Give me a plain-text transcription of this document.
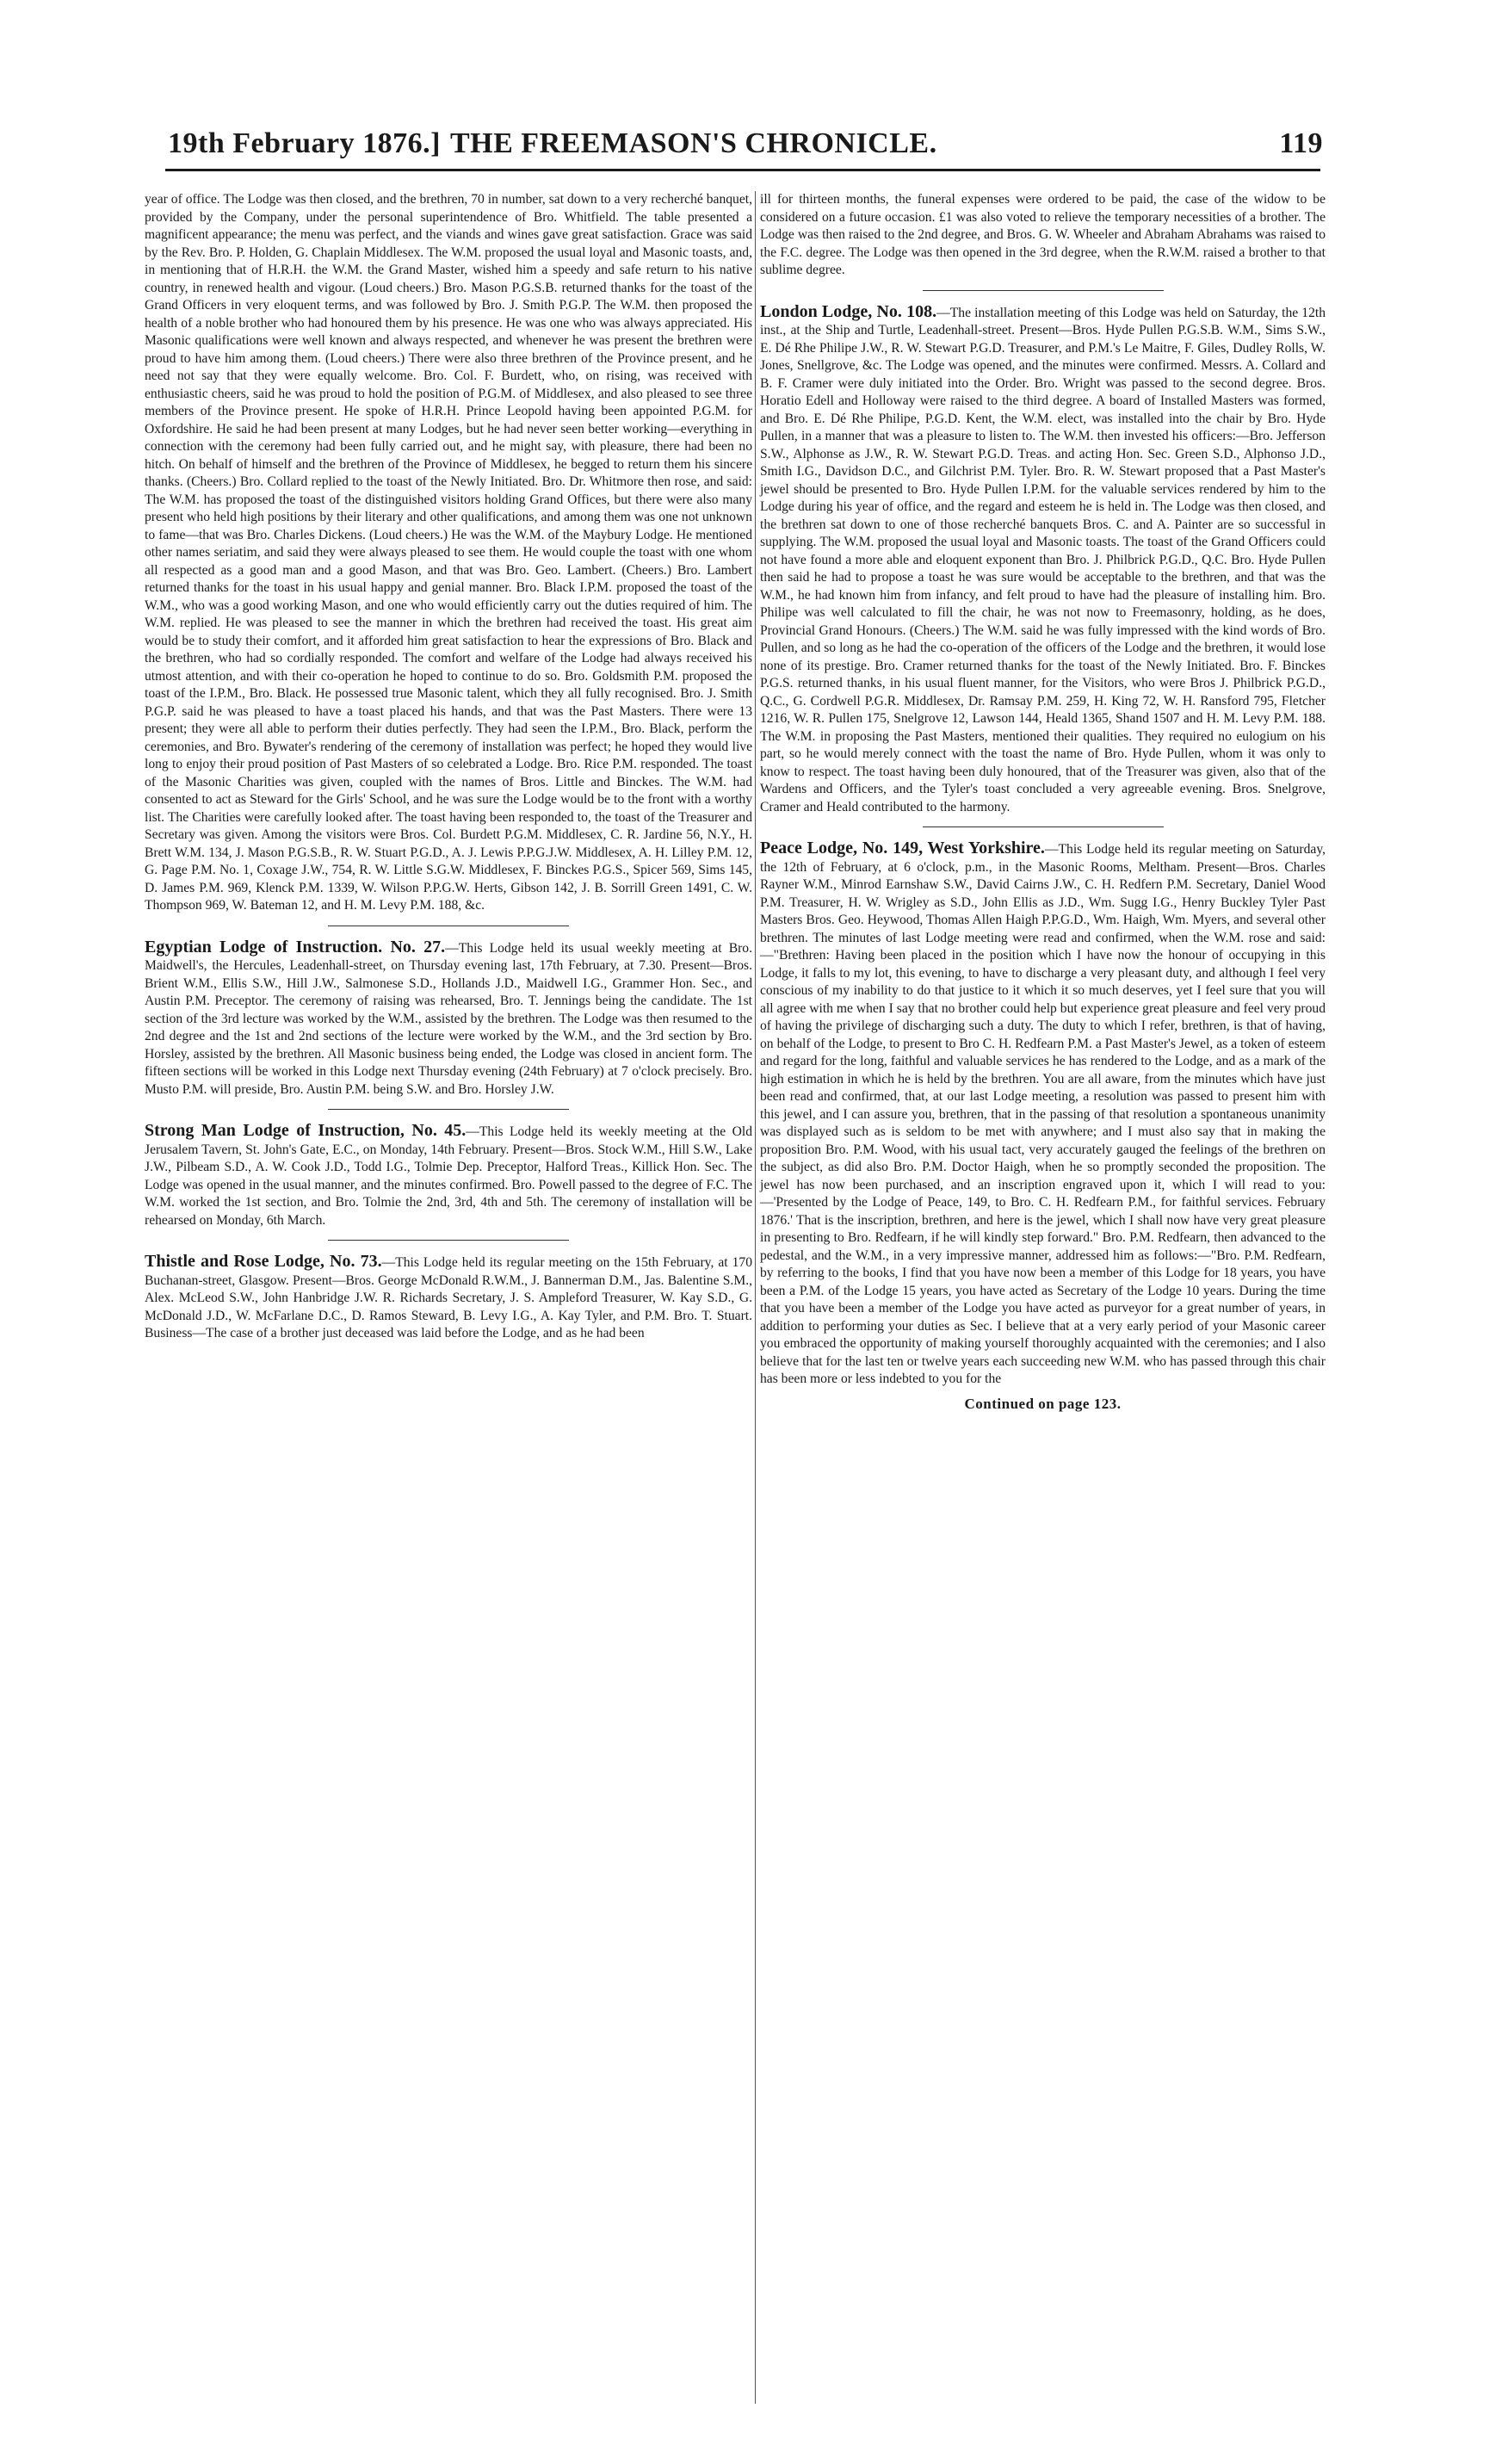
19th February 1876.] THE FREEMASON'S CHRONICLE.	119

year of office. The Lodge was then closed, and the brethren, 70 in number, sat down to a very recherché banquet, provided by the Company, under the personal superintendence of Bro. Whitfield. The table presented a magnificent appearance; the menu was perfect, and the viands and wines gave great satisfaction. Grace was said by the Rev. Bro. P. Holden, G. Chaplain Middlesex. The W.M. proposed the usual loyal and Masonic toasts, and, in mentioning that of H.R.H. the W.M. the Grand Master, wished him a speedy and safe return to his native country, in renewed health and vigour. (Loud cheers.) Bro. Mason P.G.S.B. returned thanks for the toast of the Grand Officers in very eloquent terms, and was followed by Bro. J. Smith P.G.P. The W.M. then proposed the health of a noble brother who had honoured them by his presence. He was one who was always appreciated. His Masonic qualifications were well known and always respected, and whenever he was present the brethren were proud to have him among them. (Loud cheers.) There were also three brethren of the Province present, and he need not say that they were equally welcome. Bro. Col. F. Burdett, who, on rising, was received with enthusiastic cheers, said he was proud to hold the position of P.G.M. of Middlesex, and also pleased to see three members of the Province present. He spoke of H.R.H. Prince Leopold having been appointed P.G.M. for Oxfordshire. He said he had been present at many Lodges, but he had never seen better working—everything in connection with the ceremony had been fully carried out, and he might say, with pleasure, there had been no hitch. On behalf of himself and the brethren of the Province of Middlesex, he begged to return them his sincere thanks. (Cheers.) Bro. Collard replied to the toast of the Newly Initiated. Bro. Dr. Whitmore then rose, and said: The W.M. has proposed the toast of the distinguished visitors holding Grand Offices, but there were also many present who held high positions by their literary and other qualifications, and among them was one not unknown to fame—that was Bro. Charles Dickens. (Loud cheers.) He was the W.M. of the Maybury Lodge. He mentioned other names seriatim, and said they were always pleased to see them. He would couple the toast with one whom all respected as a good man and a good Mason, and that was Bro. Geo. Lambert. (Cheers.) Bro. Lambert returned thanks for the toast in his usual happy and genial manner. Bro. Black I.P.M. proposed the toast of the W.M., who was a good working Mason, and one who would efficiently carry out the duties required of him. The W.M. replied. He was pleased to see the manner in which the brethren had received the toast. His great aim would be to study their comfort, and it afforded him great satisfaction to hear the expressions of Bro. Black and the brethren, who had so cordially responded. The comfort and welfare of the Lodge had always received his utmost attention, and with their co-operation he hoped to continue to do so. Bro. Goldsmith P.M. proposed the toast of the I.P.M., Bro. Black. He possessed true Masonic talent, which they all fully recognised. Bro. J. Smith P.G.P. said he was pleased to have a toast placed his hands, and that was the Past Masters. There were 13 present; they were all able to perform their duties perfectly. They had seen the I.P.M., Bro. Black, perform the ceremonies, and Bro. Bywater's rendering of the ceremony of installation was perfect; he hoped they would live long to enjoy their proud position of Past Masters of so celebrated a Lodge. Bro. Rice P.M. responded. The toast of the Masonic Charities was given, coupled with the names of Bros. Little and Binckes. The W.M. had consented to act as Steward for the Girls' School, and he was sure the Lodge would be to the front with a worthy list. The Charities were carefully looked after. The toast having been responded to, the toast of the Treasurer and Secretary was given. Among the visitors were Bros. Col. Burdett P.G.M. Middlesex, C. R. Jardine 56, N.Y., H. Brett W.M. 134, J. Mason P.G.S.B., R. W. Stuart P.G.D., A. J. Lewis P.P.G.J.W. Middlesex, A. H. Lilley P.M. 12, G. Page P.M. No. 1, Coxage J.W., 754, R. W. Little S.G.W. Middlesex, F. Binckes P.G.S., Spicer 569, Sims 145, D. James P.M. 969, Klenck P.M. 1339, W. Wilson P.P.G.W. Herts, Gibson 142, J. B. Sorrill Green 1491, C. W. Thompson 969, W. Bateman 12, and H. M. Levy P.M. 188, &c.

Egyptian Lodge of Instruction. No. 27.—This Lodge held its usual weekly meeting at Bro. Maidwell's, the Hercules, Leadenhall-street, on Thursday evening last, 17th February, at 7.30. Present—Bros. Brient W.M., Ellis S.W., Hill J.W., Salmonese S.D., Hollands J.D., Maidwell I.G., Grammer Hon. Sec., and Austin P.M. Preceptor. The ceremony of raising was rehearsed, Bro. T. Jennings being the candidate. The 1st section of the 3rd lecture was worked by the W.M., assisted by the brethren. The Lodge was then resumed to the 2nd degree and the 1st and 2nd sections of the lecture were worked by the W.M., and the 3rd section by Bro. Horsley, assisted by the brethren. All Masonic business being ended, the Lodge was closed in ancient form. The fifteen sections will be worked in this Lodge next Thursday evening (24th February) at 7 o'clock precisely. Bro. Musto P.M. will preside, Bro. Austin P.M. being S.W. and Bro. Horsley J.W.

Strong Man Lodge of Instruction, No. 45.—This Lodge held its weekly meeting at the Old Jerusalem Tavern, St. John's Gate, E.C., on Monday, 14th February. Present—Bros. Stock W.M., Hill S.W., Lake J.W., Pilbeam S.D., A. W. Cook J.D., Todd I.G., Tolmie Dep. Preceptor, Halford Treas., Killick Hon. Sec. The Lodge was opened in the usual manner, and the minutes confirmed. Bro. Powell passed to the degree of F.C. The W.M. worked the 1st section, and Bro. Tolmie the 2nd, 3rd, 4th and 5th. The ceremony of installation will be rehearsed on Monday, 6th March.

Thistle and Rose Lodge, No. 73.—This Lodge held its regular meeting on the 15th February, at 170 Buchanan-street, Glasgow. Present—Bros. George McDonald R.W.M., J. Bannerman D.M., Jas. Balentine S.M., Alex. McLeod S.W., John Hanbridge J.W. R. Richards Secretary, J. S. Ampleford Treasurer, W. Kay S.D., G. McDonald J.D., W. McFarlane D.C., D. Ramos Steward, B. Levy I.G., A. Kay Tyler, and P.M. Bro. T. Stuart. Business—The case of a brother just deceased was laid before the Lodge, and as he had been

ill for thirteen months, the funeral expenses were ordered to be paid, the case of the widow to be considered on a future occasion. £1 was also voted to relieve the temporary necessities of a brother. The Lodge was then raised to the 2nd degree, and Bros. G. W. Wheeler and Abraham Abrahams was raised to the F.C. degree. The Lodge was then opened in the 3rd degree, when the R.W.M. raised a brother to that sublime degree.

London Lodge, No. 108.—The installation meeting of this Lodge was held on Saturday, the 12th inst., at the Ship and Turtle, Leadenhall-street. Present—Bros. Hyde Pullen P.G.S.B. W.M., Sims S.W., E. Dé Rhe Philipe J.W., R. W. Stewart P.G.D. Treasurer, and P.M.'s Le Maitre, F. Giles, Dudley Rolls, W. Jones, Snellgrove, &c. The Lodge was opened, and the minutes were confirmed. Messrs. A. Collard and B. F. Cramer were duly initiated into the Order. Bro. Wright was passed to the second degree. Bros. Horatio Edell and Holloway were raised to the third degree. A board of Installed Masters was formed, and Bro. E. Dé Rhe Philipe, P.G.D. Kent, the W.M. elect, was installed into the chair by Bro. Hyde Pullen, in a manner that was a pleasure to listen to. The W.M. then invested his officers:—Bro. Jefferson S.W., Alphonse as J.W., R. W. Stewart P.G.D. Treas. and acting Hon. Sec. Green S.D., Alphonso J.D., Smith I.G., Davidson D.C., and Gilchrist P.M. Tyler. Bro. R. W. Stewart proposed that a Past Master's jewel should be presented to Bro. Hyde Pullen I.P.M. for the valuable services rendered by him to the Lodge during his year of office, and the regard and esteem he is held in. The Lodge was then closed, and the brethren sat down to one of those recherché banquets Bros. C. and A. Painter are so successful in supplying. The W.M. proposed the usual loyal and Masonic toasts. The toast of the Grand Officers could not have found a more able and eloquent exponent than Bro. J. Philbrick P.G.D., Q.C. Bro. Hyde Pullen then said he had to propose a toast he was sure would be acceptable to the brethren, and that was the W.M., he had known him from infancy, and felt proud to have had the pleasure of installing him. Bro. Philipe was well calculated to fill the chair, he was not now to Freemasonry, holding, as he does, Provincial Grand Honours. (Cheers.) The W.M. said he was fully impressed with the kind words of Bro. Pullen, and so long as he had the co-operation of the officers of the Lodge and the brethren, it would lose none of its prestige. Bro. Cramer returned thanks for the toast of the Newly Initiated. Bro. F. Binckes P.G.S. returned thanks, in his usual fluent manner, for the Visitors, who were Bros J. Philbrick P.G.D., Q.C., G. Cordwell P.G.R. Middlesex, Dr. Ramsay P.M. 259, H. King 72, W. H. Ransford 795, Fletcher 1216, W. R. Pullen 175, Snelgrove 12, Lawson 144, Heald 1365, Shand 1507 and H. M. Levy P.M. 188. The W.M. in proposing the Past Masters, mentioned their qualities. They required no eulogium on his part, so he would merely connect with the toast the name of Bro. Hyde Pullen, whom it was only to know to respect. The toast having been duly honoured, that of the Treasurer was given, also that of the Wardens and Officers, and the Tyler's toast concluded a very agreeable evening. Bros. Snelgrove, Cramer and Heald contributed to the harmony.

Peace Lodge, No. 149, West Yorkshire.—This Lodge held its regular meeting on Saturday, the 12th of February, at 6 o'clock, p.m., in the Masonic Rooms, Meltham. Present—Bros. Charles Rayner W.M., Minrod Earnshaw S.W., David Cairns J.W., C. H. Redfern P.M. Secretary, Daniel Wood P.M. Treasurer, H. W. Wrigley as S.D., John Ellis as J.D., Wm. Sugg I.G., Henry Buckley Tyler Past Masters Bros. Geo. Heywood, Thomas Allen Haigh P.P.G.D., Wm. Haigh, Wm. Myers, and several other brethren. The minutes of last Lodge meeting were read and confirmed, when the W.M. rose and said:—"Brethren: Having been placed in the position which I have now the honour of occupying in this Lodge, it falls to my lot, this evening, to have to discharge a very pleasant duty, and although I feel very conscious of my inability to do that justice to it which it so much deserves, yet I feel sure that you will all agree with me when I say that no brother could help but experience great pleasure and feel very proud of having the privilege of discharging such a duty. The duty to which I refer, brethren, is that of having, on behalf of the Lodge, to present to Bro C. H. Redfearn P.M. a Past Master's Jewel, as a token of esteem and regard for the long, faithful and valuable services he has rendered to the Lodge, and as a mark of the high estimation in which he is held by the brethren. You are all aware, from the minutes which have just been read and confirmed, that, at our last Lodge meeting, a resolution was passed to present him with this jewel, and I can assure you, brethren, that in the passing of that resolution a spontaneous unanimity was displayed such as is seldom to be met with anywhere; and I must also say that in making the proposition Bro. P.M. Wood, with his usual tact, very accurately gauged the feelings of the brethren on the subject, as did also Bro. P.M. Doctor Haigh, when he so promptly seconded the proposition. The jewel has now been purchased, and an inscription engraved upon it, which I will read to you:—'Presented by the Lodge of Peace, 149, to Bro. C. H. Redfearn P.M., for faithful services. February 1876.' That is the inscription, brethren, and here is the jewel, which I shall now have very great pleasure in presenting to Bro. Redfearn, if he will kindly step forward." Bro. P.M. Redfearn, then advanced to the pedestal, and the W.M., in a very impressive manner, addressed him as follows:—"Bro. P.M. Redfearn, by referring to the books, I find that you have now been a member of this Lodge for 18 years, you have been a P.M. of the Lodge 15 years, you have acted as Secretary of the Lodge 10 years. During the time that you have been a member of the Lodge you have acted as purveyor for a great number of years, in addition to performing your duties as Sec. I believe that at a very early period of your Masonic career you embraced the opportunity of making yourself thoroughly acquainted with the ceremonies; and I also believe that for the last ten or twelve years each succeeding new W.M. who has passed through this chair has been more or less indebted to you for the

Continued on page 123.
